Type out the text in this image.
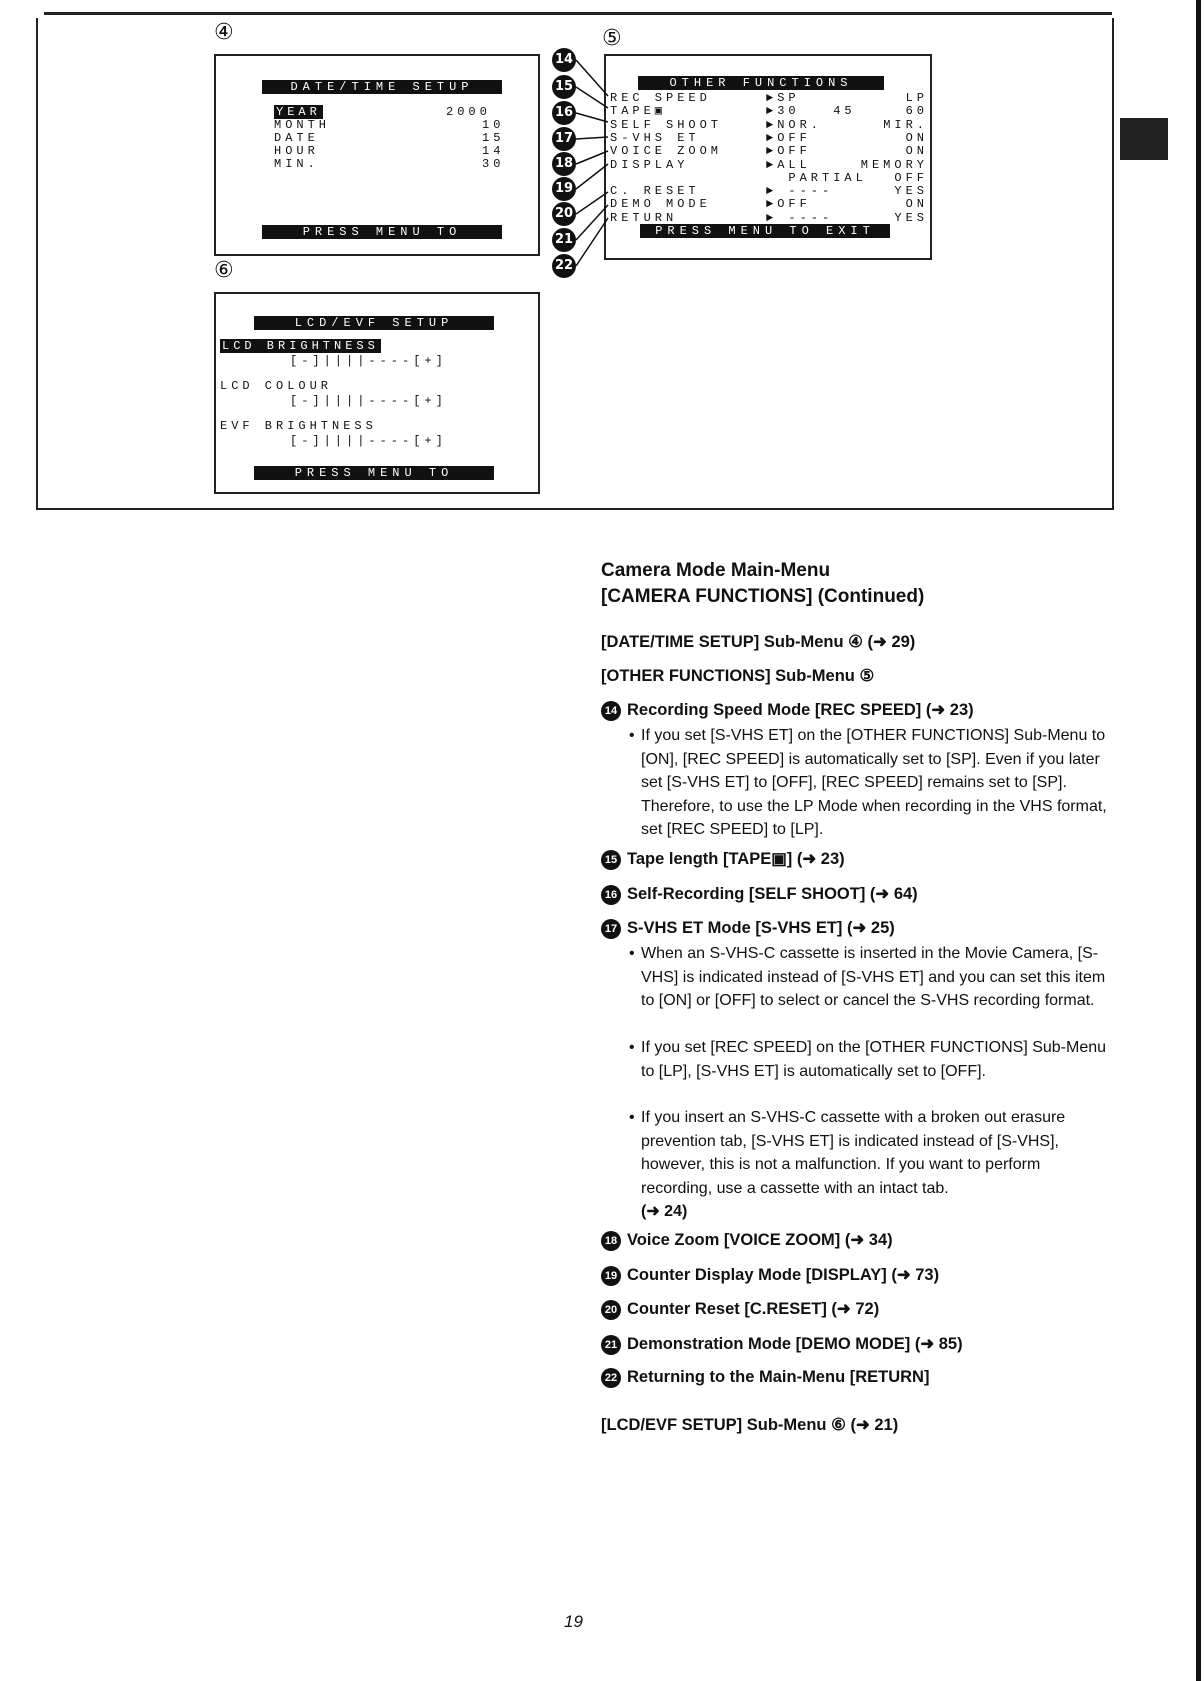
④	⑤
⑥
DATE/TIME SETUP
YEAR	2000
MONTH	10
DATE	15
HOUR	14
MIN.	30
PRESS MENU TO RETURN
OTHER FUNCTIONS
PRESS MENU TO EXIT
REC SPEED	►SP	LP
TAPE▣	►30   45	60
SELF SHOOT	►NOR.	MIR.
S-VHS ET	►OFF	ON
VOICE ZOOM	►OFF	ON
DISPLAY	►ALL	MEMORY
PARTIAL OFF
C. RESET	► ----	YES
DEMO MODE	►OFF	ON
RETURN	► ----	YES
LCD/EVF SETUP
LCD BRIGHTNESS
[-]||||----[+]
LCD COLOUR
[-]||||----[+]
EVF BRIGHTNESS
[-]||||----[+]
PRESS MENU TO RETURN
Camera Mode Main-Menu
[CAMERA FUNCTIONS] (Continued)
[DATE/TIME SETUP] Sub-Menu ④ (➜ 29)
[OTHER FUNCTIONS] Sub-Menu ⑤
14 Recording Speed Mode [REC SPEED] (➜ 23)
• If you set [S-VHS ET] on the [OTHER FUNCTIONS] Sub-Menu to [ON], [REC SPEED] is automatically set to [SP]. Even if you later set [S-VHS ET] to [OFF], [REC SPEED] remains set to [SP]. Therefore, to use the LP Mode when recording in the VHS format, set [REC SPEED] to [LP].
15 Tape length [TAPE▣] (➜ 23)
16 Self-Recording [SELF SHOOT] (➜ 64)
17 S-VHS ET Mode [S-VHS ET] (➜ 25)
• When an S-VHS-C cassette is inserted in the Movie Camera, [S-VHS] is indicated instead of [S-VHS ET] and you can set this item to [ON] or [OFF] to select or cancel the S-VHS recording format.
• If you set [REC SPEED] on the [OTHER FUNCTIONS] Sub-Menu to [LP], [S-VHS ET] is automatically set to [OFF].
• If you insert an S-VHS-C cassette with a broken out erasure prevention tab, [S-VHS ET] is indicated instead of [S-VHS], however, this is not a malfunction. If you want to perform recording, use a cassette with an intact tab.
(➜ 24)
18 Voice Zoom [VOICE ZOOM] (➜ 34)
19 Counter Display Mode [DISPLAY] (➜ 73)
20 Counter Reset [C.RESET] (➜ 72)
21 Demonstration Mode [DEMO MODE] (➜ 85)
22 Returning to the Main-Menu [RETURN]
[LCD/EVF SETUP] Sub-Menu ⑥ (➜ 21)
19
14
15
16
17
18
19
20
21
22
